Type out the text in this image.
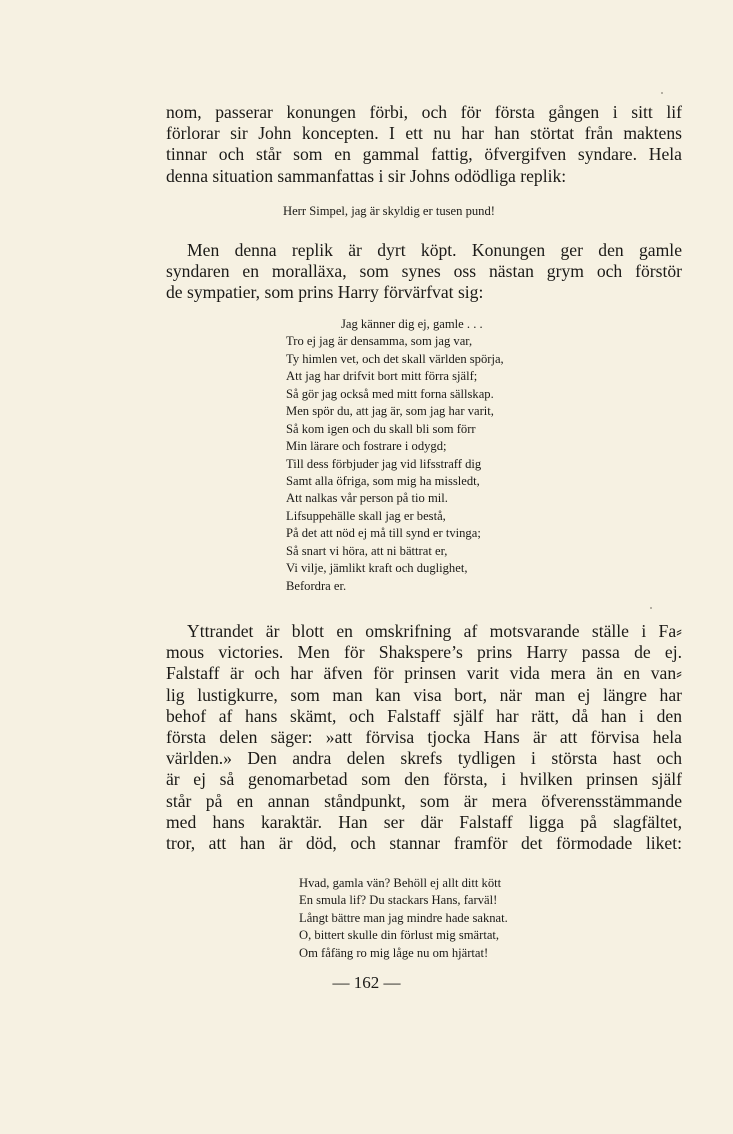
nom, passerar konungen förbi, och för första gången i sitt lif
förlorar sir John koncepten. I ett nu har han störtat från maktens
tinnar och står som en gammal fattig, öfvergifven syndare. Hela
denna situation sammanfattas i sir Johns odödliga replik:

Herr Simpel, jag är skyldig er tusen pund!

Men denna replik är dyrt köpt. Konungen ger den gamle
syndaren en moralläxa, som synes oss nästan grym och förstör
de sympatier, som prins Harry förvärfvat sig:

Jag känner dig ej, gamle . . .
Tro ej jag är densamma, som jag var,
Ty himlen vet, och det skall världen spörja,
Att jag har drifvit bort mitt förra själf;
Så gör jag också med mitt forna sällskap.
Men spör du, att jag är, som jag har varit,
Så kom igen och du skall bli som förr
Min lärare och fostrare i odygd;
Till dess förbjuder jag vid lifsstraff dig
Samt alla öfriga, som mig ha missledt,
Att nalkas vår person på tio mil.
Lifsuppehälle skall jag er bestå,
På det att nöd ej må till synd er tvinga;
Så snart vi höra, att ni bättrat er,
Vi vilje, jämlikt kraft och duglighet,
Befordra er.

Yttrandet är blott en omskrifning af motsvarande ställe i Fa⸗
mous victories. Men för Shakspere’s prins Harry passa de ej.
Falstaff är och har äfven för prinsen varit vida mera än en van⸗
lig lustigkurre, som man kan visa bort, när man ej längre har
behof af hans skämt, och Falstaff själf har rätt, då han i den
första delen säger: »att förvisa tjocka Hans är att förvisa hela
världen.» Den andra delen skrefs tydligen i största hast och
är ej så genomarbetad som den första, i hvilken prinsen själf
står på en annan ståndpunkt, som är mera öfverensstämmande
med hans karaktär. Han ser där Falstaff ligga på slagfältet,
tror, att han är död, och stannar framför det förmodade liket:

Hvad, gamla vän? Behöll ej allt ditt kött
En smula lif? Du stackars Hans, farväl!
Långt bättre man jag mindre hade saknat.
O, bittert skulle din förlust mig smärtat,
Om fåfäng ro mig låge nu om hjärtat!

— 162 —
